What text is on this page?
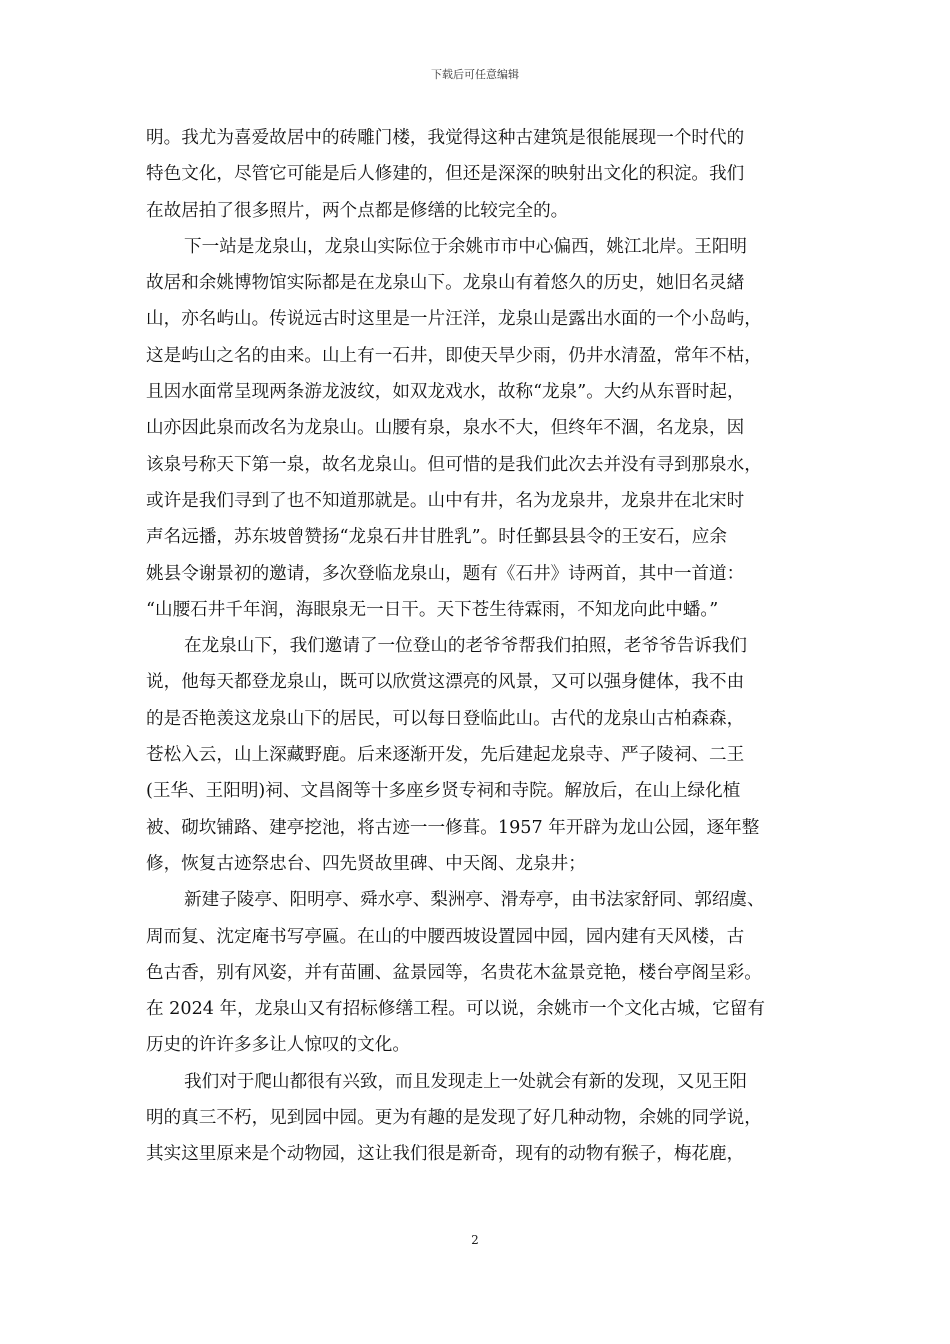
下载后可任意编辑
明。我尤为喜爱故居中的砖雕门楼，我觉得这种古建筑是很能展现一个时代的
特色文化，尽管它可能是后人修建的，但还是深深的映射出文化的积淀。我们
在故居拍了很多照片，两个点都是修缮的比较完全的。
下一站是龙泉山，龙泉山实际位于余姚市市中心偏西，姚江北岸。王阳明
故居和余姚博物馆实际都是在龙泉山下。龙泉山有着悠久的历史，她旧名灵緖
山，亦名屿山。传说远古时这里是一片汪洋，龙泉山是露出水面的一个小岛屿，
这是屿山之名的由来。山上有一石井，即使天旱少雨，仍井水清盈，常年不枯，
且因水面常呈现两条游龙波纹，如双龙戏水，故称“龙泉”。大约从东晋时起，
山亦因此泉而改名为龙泉山。山腰有泉，泉水不大，但终年不涸，名龙泉，因
该泉号称天下第一泉，故名龙泉山。但可惜的是我们此次去并没有寻到那泉水，
或许是我们寻到了也不知道那就是。山中有井，名为龙泉井，龙泉井在北宋时
声名远播，苏东坡曾赞扬“龙泉石井甘胜乳”。时任鄞县县令的王安石，应余
姚县令谢景初的邀请，多次登临龙泉山，题有《石井》诗两首，其中一首道：
“山腰石井千年润，海眼泉无一日干。天下苍生待霖雨，不知龙向此中蟠。”
在龙泉山下，我们邀请了一位登山的老爷爷帮我们拍照，老爷爷告诉我们
说，他每天都登龙泉山，既可以欣赏这漂亮的风景，又可以强身健体，我不由
的是否艳羡这龙泉山下的居民，可以每日登临此山。古代的龙泉山古柏森森，
苍松入云，山上深藏野鹿。后来逐渐开发，先后建起龙泉寺、严子陵祠、二王
(王华、王阳明)祠、文昌阁等十多座乡贤专祠和寺院。解放后，在山上绿化植
被、砌坎铺路、建亭挖池，将古迹一一修葺。1957 年开辟为龙山公园，逐年整
修，恢复古迹祭忠台、四先贤故里碑、中天阁、龙泉井；
新建子陵亭、阳明亭、舜水亭、梨洲亭、滑寿亭，由书法家舒同、郭绍虞、
周而复、沈定庵书写亭匾。在山的中腰西坡设置园中园，园内建有天风楼，古
色古香，别有风姿，并有苗圃、盆景园等，名贵花木盆景竞艳，楼台亭阁呈彩。
在 2024 年，龙泉山又有招标修缮工程。可以说，余姚市一个文化古城，它留有
历史的许许多多让人惊叹的文化。
我们对于爬山都很有兴致，而且发现走上一处就会有新的发现，又见王阳
明的真三不朽，见到园中园。更为有趣的是发现了好几种动物，余姚的同学说，
其实这里原来是个动物园，这让我们很是新奇，现有的动物有猴子，梅花鹿，
2
